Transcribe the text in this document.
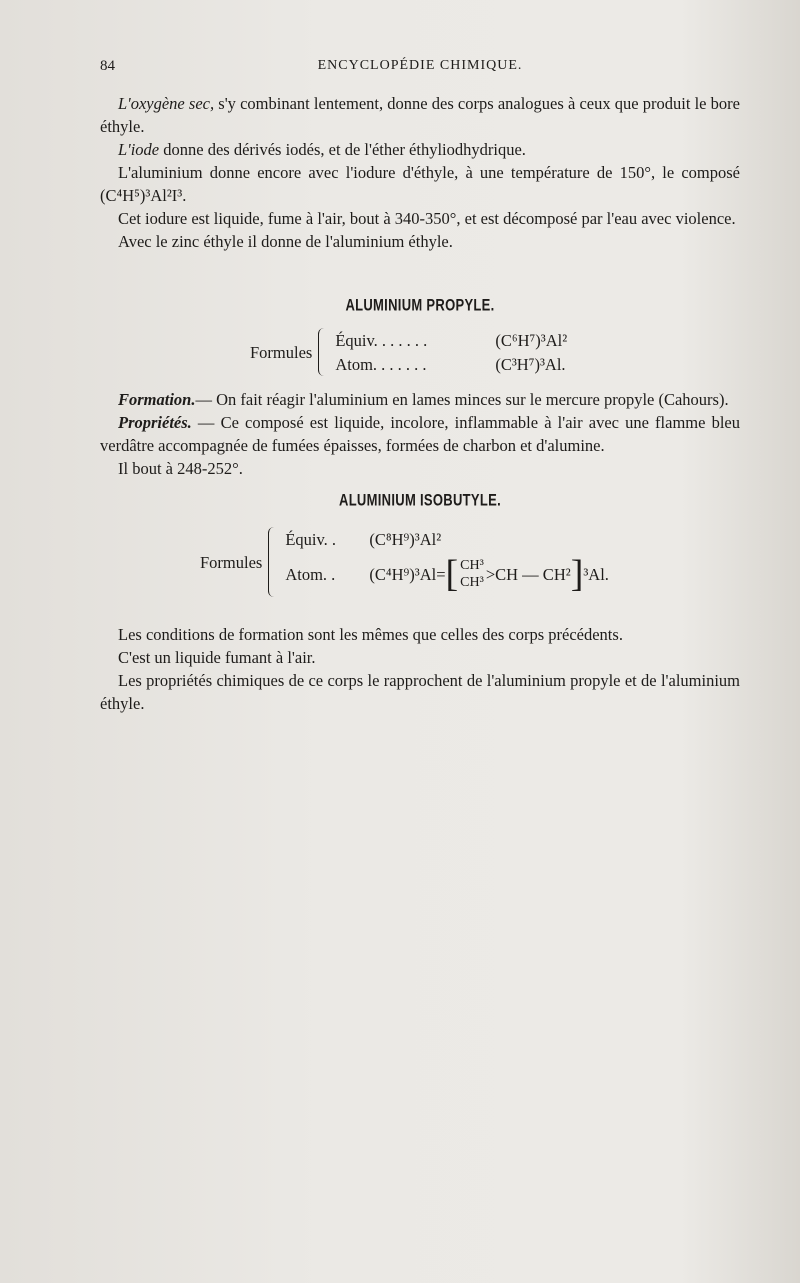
84	ENCYCLOPÉDIE CHIMIQUE.

L'oxygène sec, s'y combinant lentement, donne des corps analogues à ceux que produit le bore éthyle.

L'iode donne des dérivés iodés, et de l'éther éthyliodhydrique.

L'aluminium donne encore avec l'iodure d'éthyle, à une température de 150°, le composé (C⁴H⁵)³Al²I³.

Cet iodure est liquide, fume à l'air, bout à 340-350°, et est décomposé par l'eau avec violence.

Avec le zinc éthyle il donne de l'aluminium éthyle.

ALUMINIUM PROPYLE.
Formules
Équiv. . . . . . .	(C⁶H⁷)³Al²
Atom. . . . . . .	(C³H⁷)³Al.

Formation.— On fait réagir l'aluminium en lames minces sur le mercure propyle (Cahours).

Propriétés. — Ce composé est liquide, incolore, inflammable à l'air avec une flamme bleu verdâtre accompagnée de fumées épaisses, formées de charbon et d'alumine.

Il bout à 248-252°.

ALUMINIUM ISOBUTYLE.
Formules
Équiv. .	(C⁸H⁹)³Al²
Atom. .	(C⁴H⁹)³Al= [ CH³
CH³ > CH — CH² ] ³Al.

Les conditions de formation sont les mêmes que celles des corps précédents.

C'est un liquide fumant à l'air.

Les propriétés chimiques de ce corps le rapprochent de l'aluminium propyle et de l'aluminium éthyle.
